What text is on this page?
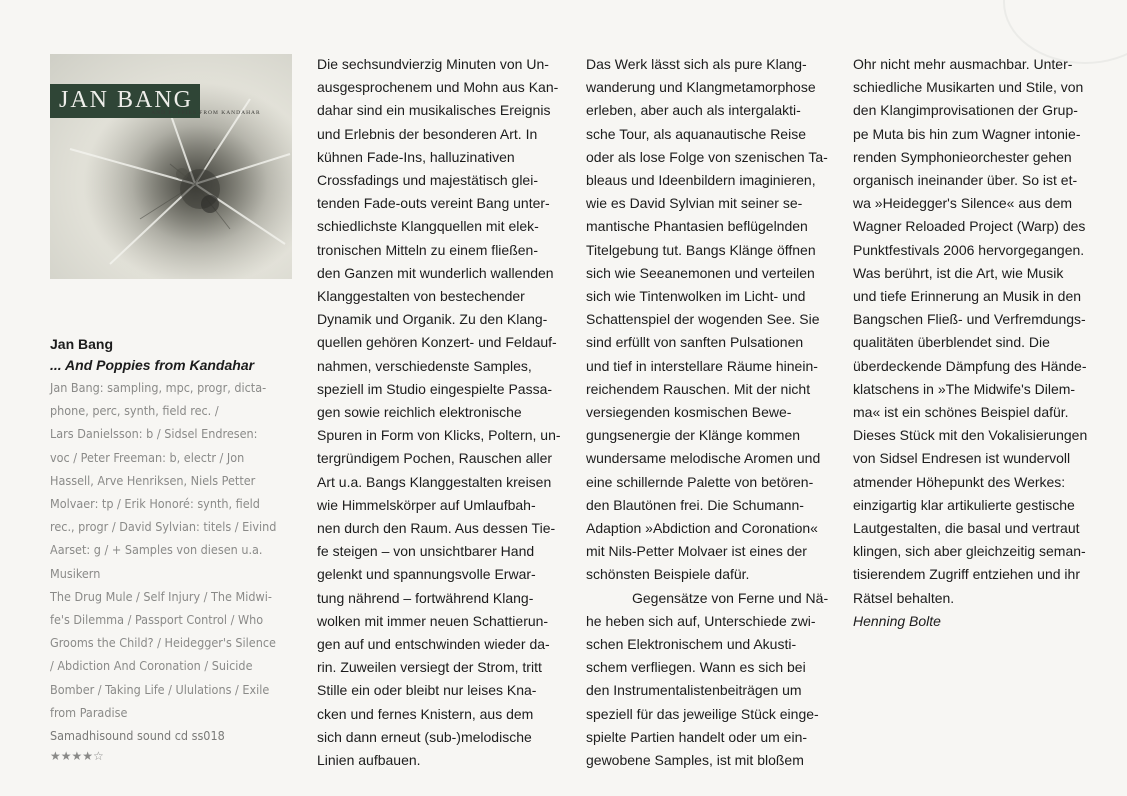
JAN BANG
... AND POPPIES FROM KANDAHAR
Jan Bang
... And Poppies from Kandahar
Jan Bang: sampling, mpc, progr, dicta-
phone, perc, synth, field rec. /
Lars Danielsson: b / Sidsel Endresen:
voc / Peter Freeman: b, electr / Jon
Hassell, Arve Henriksen, Niels Petter
Molvaer: tp / Erik Honoré: synth, field
rec., progr / David Sylvian: titels / Eivind
Aarset: g / + Samples von diesen u.a.
Musikern
The Drug Mule / Self Injury / The Midwi-
fe's Dilemma / Passport Control / Who
Grooms the Child? / Heidegger's Silence
/ Abdiction And Coronation / Suicide
Bomber / Taking Life / Ululations / Exile
from Paradise
Samadhisound sound cd ss018
★★★★☆
Die sechsundvierzig Minuten von Un-
ausgesprochenem und Mohn aus Kan-
dahar sind ein musikalisches Ereignis
und Erlebnis der besonderen Art. In
kühnen Fade-Ins, halluzinativen
Crossfadings und majestätisch glei-
tenden Fade-outs vereint Bang unter-
schiedlichste Klangquellen mit elek-
tronischen Mitteln zu einem fließen-
den Ganzen mit wunderlich wallenden
Klanggestalten von bestechender
Dynamik und Organik. Zu den Klang-
quellen gehören Konzert- und Feldauf-
nahmen, verschiedenste Samples,
speziell im Studio eingespielte Passa-
gen sowie reichlich elektronische
Spuren in Form von Klicks, Poltern, un-
tergründigem Pochen, Rauschen aller
Art u.a. Bangs Klanggestalten kreisen
wie Himmelskörper auf Umlaufbah-
nen durch den Raum. Aus dessen Tie-
fe steigen – von unsichtbarer Hand
gelenkt und spannungsvolle Erwar-
tung nährend – fortwährend Klang-
wolken mit immer neuen Schattierun-
gen auf und entschwinden wieder da-
rin. Zuweilen versiegt der Strom, tritt
Stille ein oder bleibt nur leises Kna-
cken und fernes Knistern, aus dem
sich dann erneut (sub-)melodische
Linien aufbauen.
Das Werk lässt sich als pure Klang-
wanderung und Klangmetamorphose
erleben, aber auch als intergalakti-
sche Tour, als aquanautische Reise
oder als lose Folge von szenischen Ta-
bleaus und Ideenbildern imaginieren,
wie es David Sylvian mit seiner se-
mantische Phantasien beflügelnden
Titelgebung tut. Bangs Klänge öffnen
sich wie Seeanemonen und verteilen
sich wie Tintenwolken im Licht- und
Schattenspiel der wogenden See. Sie
sind erfüllt von sanften Pulsationen
und tief in interstellare Räume hinein-
reichendem Rauschen. Mit der nicht
versiegenden kosmischen Bewe-
gungsenergie der Klänge kommen
wundersame melodische Aromen und
eine schillernde Palette von betören-
den Blautönen frei. Die Schumann-
Adaption »Abdiction and Coronation«
mit Nils-Petter Molvaer ist eines der
schönsten Beispiele dafür.
Gegensätze von Ferne und Nä-
he heben sich auf, Unterschiede zwi-
schen Elektronischem und Akusti-
schem verfliegen. Wann es sich bei
den Instrumentalistenbeiträgen um
speziell für das jeweilige Stück einge-
spielte Partien handelt oder um ein-
gewobene Samples, ist mit bloßem
Ohr nicht mehr ausmachbar. Unter-
schiedliche Musikarten und Stile, von
den Klangimprovisationen der Grup-
pe Muta bis hin zum Wagner intonie-
renden Symphonieorchester gehen
organisch ineinander über. So ist et-
wa »Heidegger's Silence« aus dem
Wagner Reloaded Project (Warp) des
Punktfestivals 2006 hervorgegangen.
Was berührt, ist die Art, wie Musik
und tiefe Erinnerung an Musik in den
Bangschen Fließ- und Verfremdungs-
qualitäten überblendet sind. Die
überdeckende Dämpfung des Hände-
klatschens in »The Midwife's Dilem-
ma« ist ein schönes Beispiel dafür.
Dieses Stück mit den Vokalisierungen
von Sidsel Endresen ist wundervoll
atmender Höhepunkt des Werkes:
einzigartig klar artikulierte gestische
Lautgestalten, die basal und vertraut
klingen, sich aber gleichzeitig seman-
tisierendem Zugriff entziehen und ihr
Rätsel behalten.
Henning Bolte
